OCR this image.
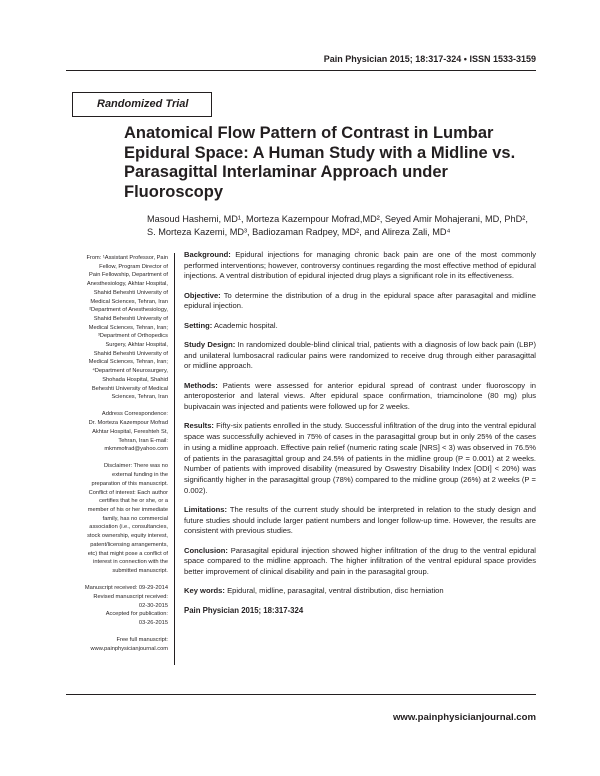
Pain Physician 2015; 18:317-324 • ISSN 1533-3159
Randomized Trial
Anatomical Flow Pattern of Contrast in Lumbar Epidural Space: A Human Study with a Midline vs. Parasagittal Interlaminar Approach under Fluoroscopy

Masoud Hashemi, MD¹, Morteza Kazempour Mofrad,MD², Seyed Amir Mohajerani, MD, PhD², S. Morteza Kazemi, MD³, Badiozaman Radpey, MD², and Alireza Zali, MD⁴

From: ¹Assistant Professor, Pain
Fellow, Program Director of
Pain Fellowship, Department of
Anesthesiology, Akhtar Hospital,
Shahid Beheshti University of
Medical Sciences, Tehran, Iran
²Department of Anesthesiology,
Shahid Beheshti University of
Medical Sciences, Tehran, Iran;
³Department of Orthopedics
Surgery, Akhtar Hospital,
Shahid Beheshti University of
Medical Sciences, Tehran, Iran;
⁴Department of Neurosurgery,
Shohada Hospital, Shahid
Beheshti University of Medical
Sciences, Tehran, Iran

Address Correspondence:
Dr. Morteza Kazempour Mofrad
Akhtar Hospital, Fereshteh St,
Tehran, Iran E-mail:
mkmmofrad@yahoo.com

Disclaimer: There was no
external funding in the
preparation of this manuscript.
Conflict of interest: Each author
certifies that he or she, or a
member of his or her immediate
family, has no commercial
association (i.e., consultancies,
stock ownership, equity interest,
patent/licensing arrangements,
etc) that might pose a conflict of
interest in connection with the
submitted manuscript.

Manuscript received: 09-29-2014
Revised manuscript received:
02-30-2015
Accepted for publication:
03-26-2015

Free full manuscript:
www.painphysicianjournal.com

Background: Epidural injections for managing chronic back pain are one of the most commonly performed interventions; however, controversy continues regarding the most effective method of epidural injections. A ventral distribution of epidural injected drug plays a significant role in its effectiveness.

Objective: To determine the distribution of a drug in the epidural space after parasagital and midline epidural injection.

Setting: Academic hospital.

Study Design: In randomized double-blind clinical trial, patients with a diagnosis of low back pain (LBP) and unilateral lumbosacral radicular pains were randomized to receive drug through either parasagittal or midline approach.

Methods: Patients were assessed for anterior epidural spread of contrast under fluoroscopy in anteroposterior and lateral views. After epidural space confirmation, triamcinolone (80 mg) plus bupivacain was injected and patients were followed up for 2 weeks.

Results: Fifty-six patients enrolled in the study. Successful infiltration of the drug into the ventral epidural space was successfully achieved in 75% of cases in the parasagittal group but in only 25% of the cases in using a midline approach. Effective pain relief (numeric rating scale [NRS] < 3) was observed in 76.5% of patients in the parasagittal group and 24.5% of patients in the midline group (P = 0.001) at 2 weeks. Number of patients with improved disability (measured by Oswestry Disability Index [ODI] < 20%) was significantly higher in the parasagittal group (78%) compared to the midline group (26%) at 2 weeks (P = 0.002).

Limitations: The results of the current study should be interpreted in relation to the study design and future studies should include larger patient numbers and longer follow-up time. However, the results are consistent with previous studies.

Conclusion: Parasagital epidural injection showed higher infiltration of the drug to the ventral epidural space compared to the midline approach. The higher infiltration of the ventral epidural space provides better improvement of clinical disability and pain in the parasagital group.

Key words: Epidural, midline, parasagital, ventral distribution, disc herniation

Pain Physician 2015; 18:317-324

www.painphysicianjournal.com
